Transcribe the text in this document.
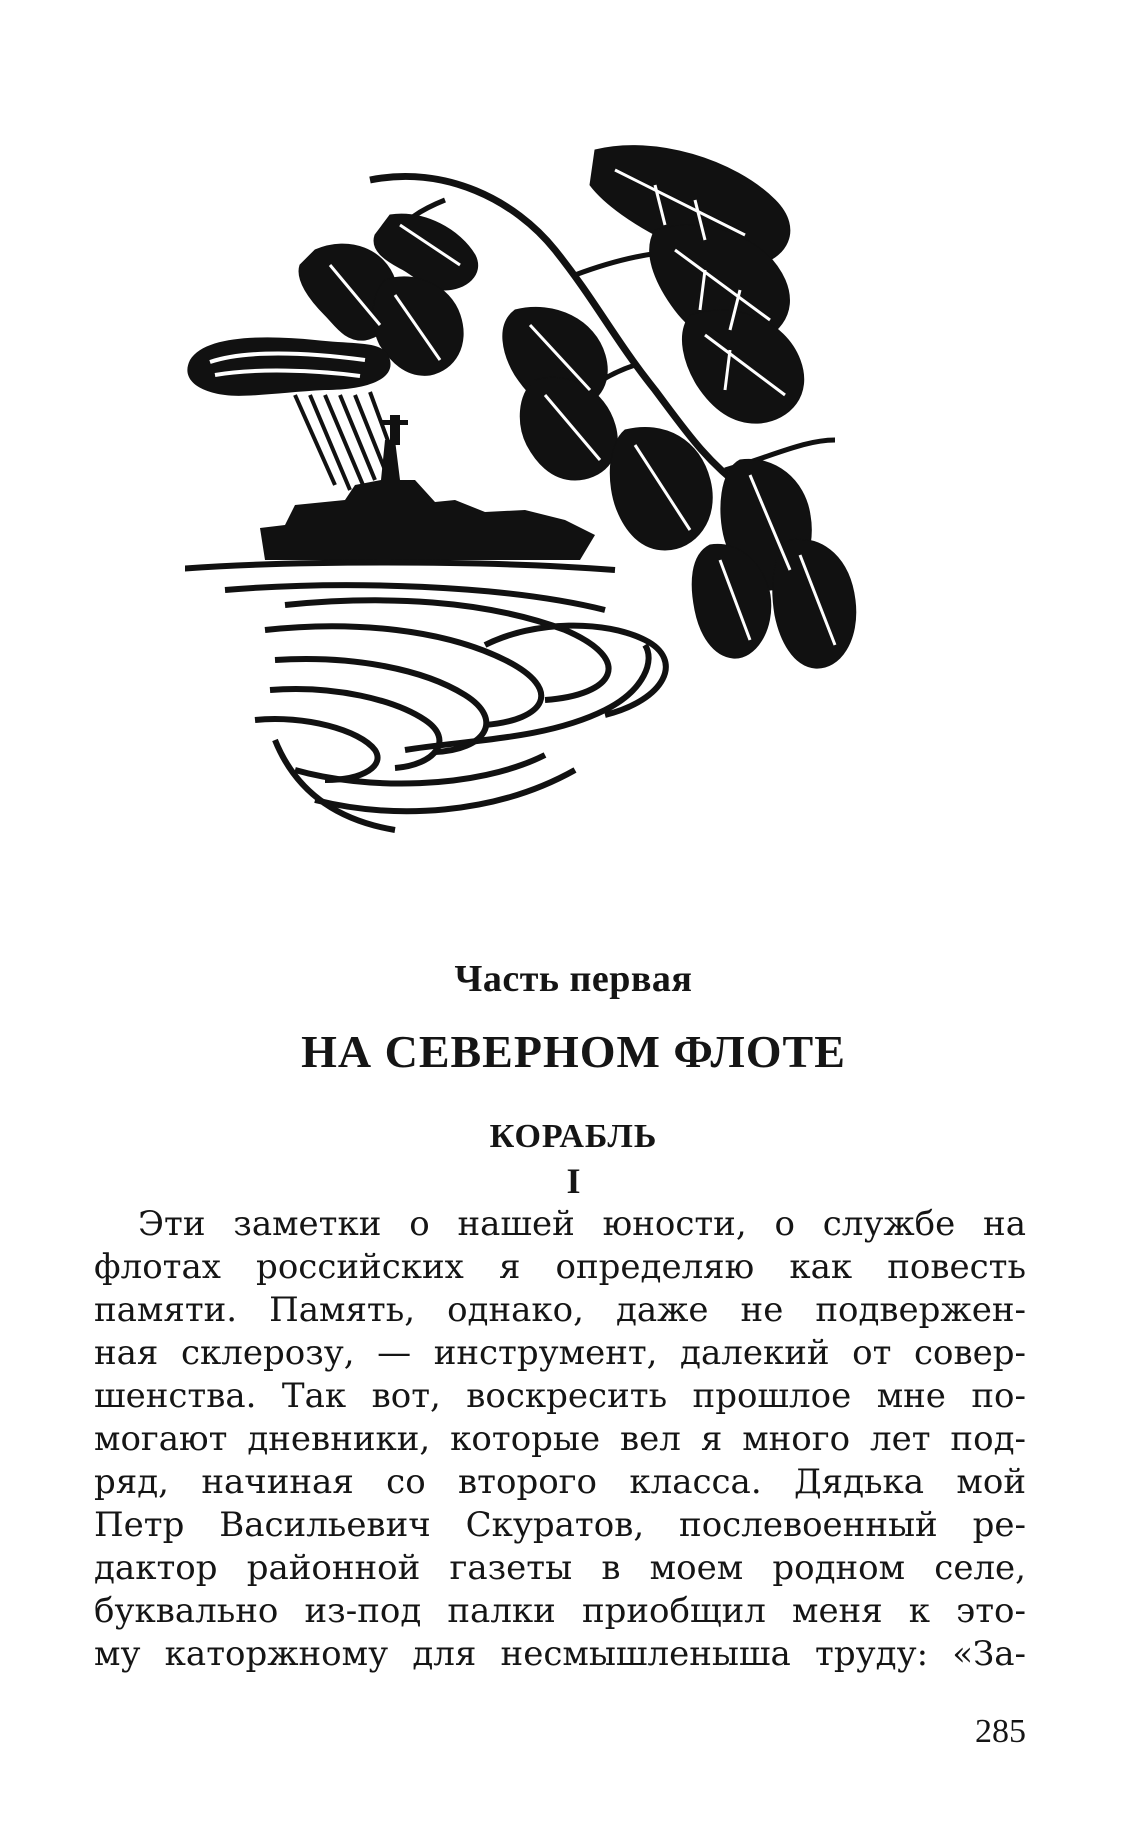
Часть первая
НА СЕВЕРНОМ ФЛОТЕ
КОРАБЛЬ
I
Эти заметки о нашей юности, о службе на
флотах российских я определяю как повесть
памяти. Память, однако, даже не подвержен-
ная склерозу, — инструмент, далекий от совер-
шенства. Так вот, воскресить прошлое мне по-
могают дневники, которые вел я много лет под-
ряд, начиная со второго класса. Дядька мой
Петр Васильевич Скуратов, послевоенный ре-
дактор районной газеты в моем родном селе,
буквально из-под палки приобщил меня к это-
му каторжному для несмышленыша труду: «За-
285
